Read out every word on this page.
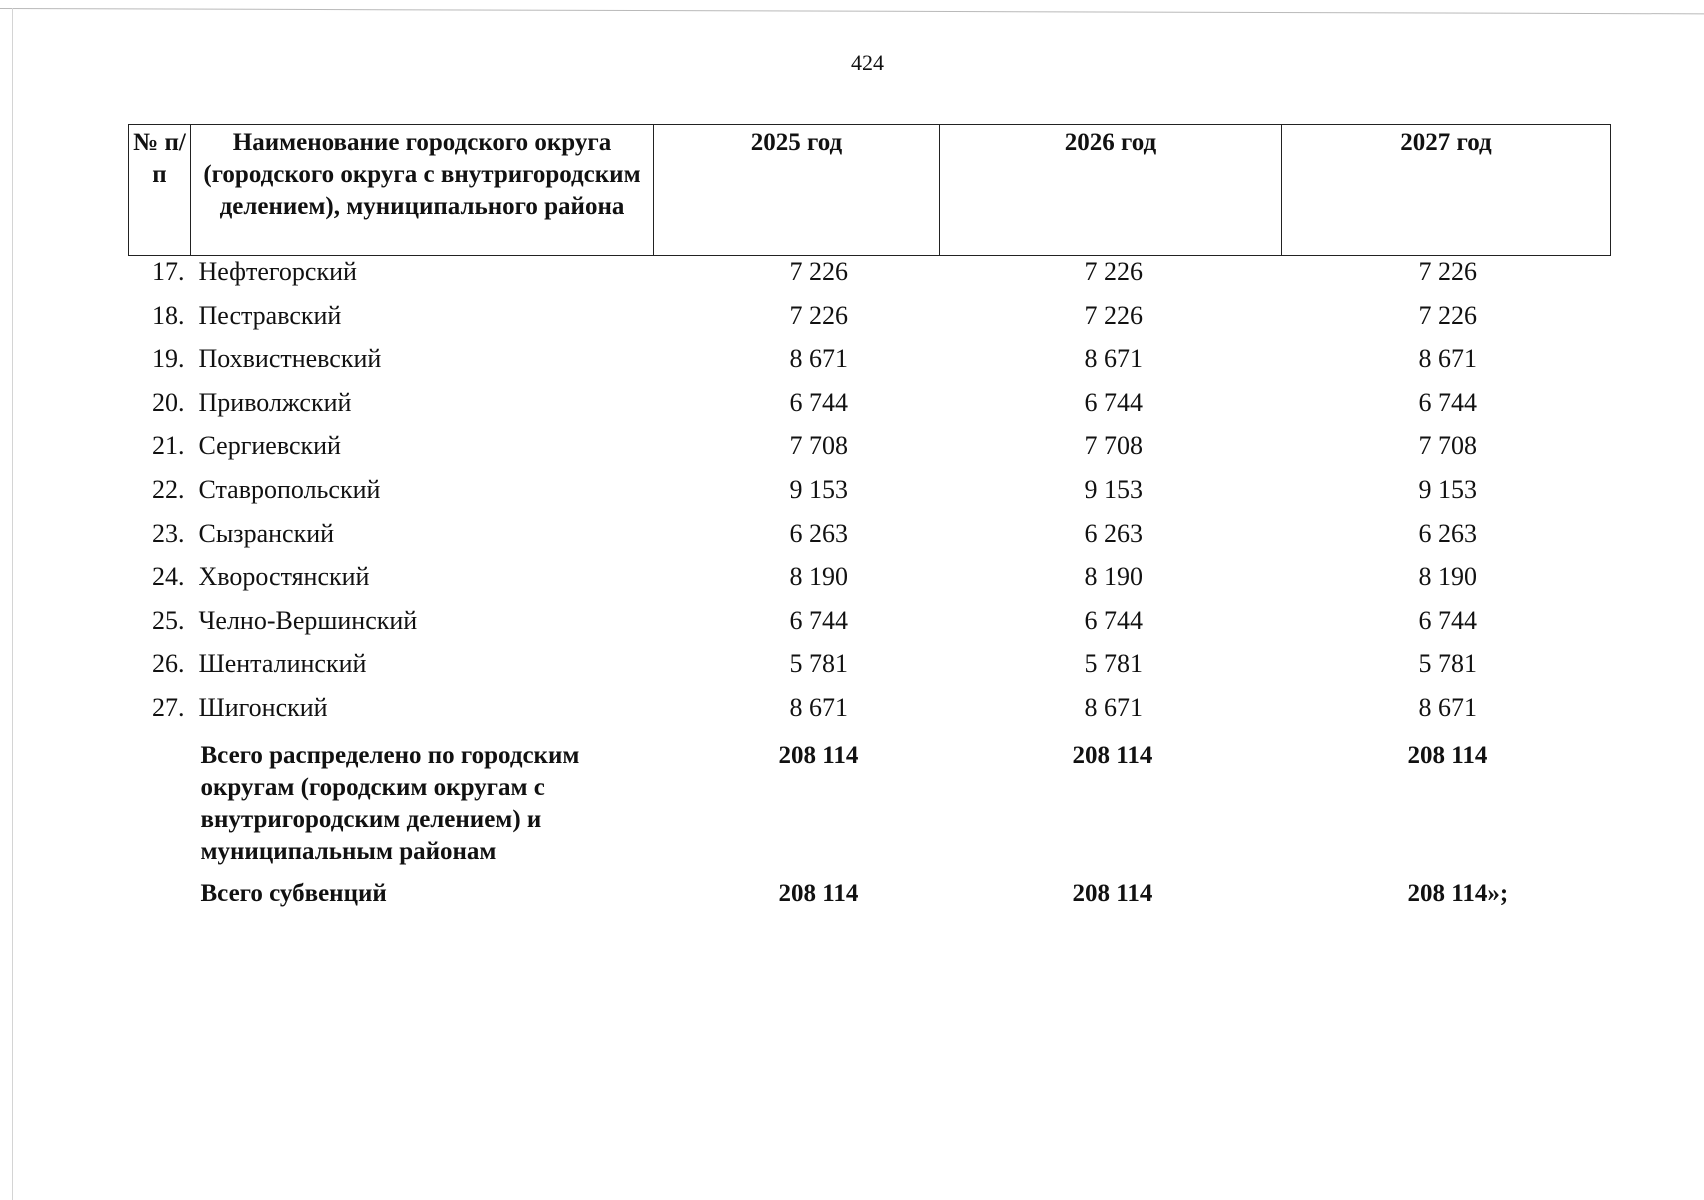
424
№ п/п	Наименование городского округа (городского округа с внутригородским делением), муниципального района	2025 год	2026 год	2027 год
17.	Нефтегорский	7 226	7 226	7 226
18.	Пестравский	7 226	7 226	7 226
19.	Похвистневский	8 671	8 671	8 671
20.	Приволжский	6 744	6 744	6 744
21.	Сергиевский	7 708	7 708	7 708
22.	Ставропольский	9 153	9 153	9 153
23.	Сызранский	6 263	6 263	6 263
24.	Хворостянский	8 190	8 190	8 190
25.	Челно-Вершинский	6 744	6 744	6 744
26.	Шенталинский	5 781	5 781	5 781
27.	Шигонский	8 671	8 671	8 671
	Всего распределено по городским округам (городским округам с внутригородским делением) и муниципальным районам	208 114	208 114	208 114
	Всего субвенций	208 114	208 114	208 114»;
